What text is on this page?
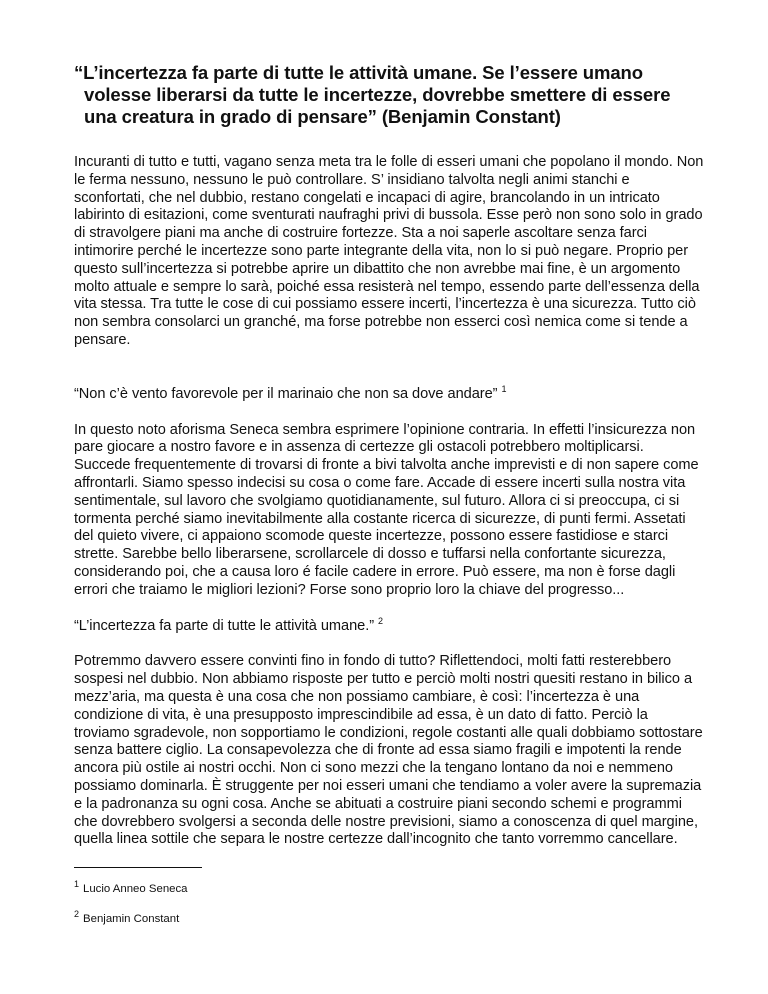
“L’incertezza fa parte di tutte le attività umane. Se l’essere umano volesse liberarsi da tutte le incertezze, dovrebbe smettere di essere una creatura in grado di pensare” (Benjamin Constant)

Incuranti di tutto e tutti, vagano senza meta tra le folle di esseri umani che popolano il mondo. Non le ferma nessuno, nessuno le può controllare. S’ insidiano talvolta negli animi stanchi e sconfortati, che nel dubbio, restano congelati e incapaci di agire, brancolando in un intricato labirinto di esitazioni, come sventurati naufraghi privi di bussola. Esse però non sono solo in grado di stravolgere piani ma anche di costruire fortezze. Sta a noi saperle ascoltare senza farci intimorire perché le incertezze sono parte integrante della vita, non lo si può negare. Proprio per questo sull’incertezza si potrebbe aprire un dibattito che non avrebbe mai fine, è un argomento molto attuale e sempre lo sarà, poiché essa resisterà nel tempo, essendo parte dell’essenza della vita stessa. Tra tutte le cose di cui possiamo essere incerti, l’incertezza è una sicurezza. Tutto ciò non sembra consolarci un granché, ma forse potrebbe non esserci così nemica come si tende a pensare.

“Non c’è vento favorevole per il marinaio che non sa dove andare” $^1$

In questo noto aforisma Seneca sembra esprimere l’opinione contraria. In effetti l’insicurezza non pare giocare a nostro favore e in assenza di certezze gli ostacoli potrebbero moltiplicarsi. Succede frequentemente di trovarsi di fronte a bivi talvolta anche imprevisti e di non sapere come affrontarli. Siamo spesso indecisi su cosa o come fare. Accade di essere incerti sulla nostra vita sentimentale, sul lavoro che svolgiamo quotidianamente, sul futuro. Allora ci si preoccupa, ci si tormenta perché siamo inevitabilmente alla costante ricerca di sicurezze, di punti fermi. Assetati del quieto vivere, ci appaiono scomode queste incertezze, possono essere fastidiose e starci strette. Sarebbe bello liberarsene, scrollarcele di dosso e tuffarsi nella confortante sicurezza, considerando poi, che a causa loro é facile cadere in errore. Può essere, ma non è forse dagli errori che traiamo le migliori lezioni? Forse sono proprio loro la chiave del progresso...

“L’incertezza fa parte di tutte le attività umane.” $^2$

Potremmo davvero essere convinti fino in fondo di tutto? Riflettendoci, molti fatti resterebbero sospesi nel dubbio. Non abbiamo risposte per tutto e perciò molti nostri quesiti restano in bilico a mezz’aria, ma questa è una cosa che non possiamo cambiare, è così: l’incertezza è una condizione di vita, è una presupposto imprescindibile ad essa, è un dato di fatto. Perciò la troviamo sgradevole, non sopportiamo le condizioni, regole costanti alle quali dobbiamo sottostare senza battere ciglio. La consapevolezza che di fronte ad essa siamo fragili e impotenti la rende ancora più ostile ai nostri occhi. Non ci sono mezzi che la tengano lontano da noi e nemmeno possiamo dominarla. È struggente per noi esseri umani che tendiamo a voler avere la supremazia e la padronanza su ogni cosa. Anche se abituati a costruire piani secondo schemi e programmi che dovrebbero svolgersi a seconda delle nostre previsioni, siamo a conoscenza di quel margine, quella linea sottile che separa le nostre certezze dall’incognito che tanto vorremmo cancellare.

$^1$ Lucio Anneo Seneca

$^2$ Benjamin Constant
